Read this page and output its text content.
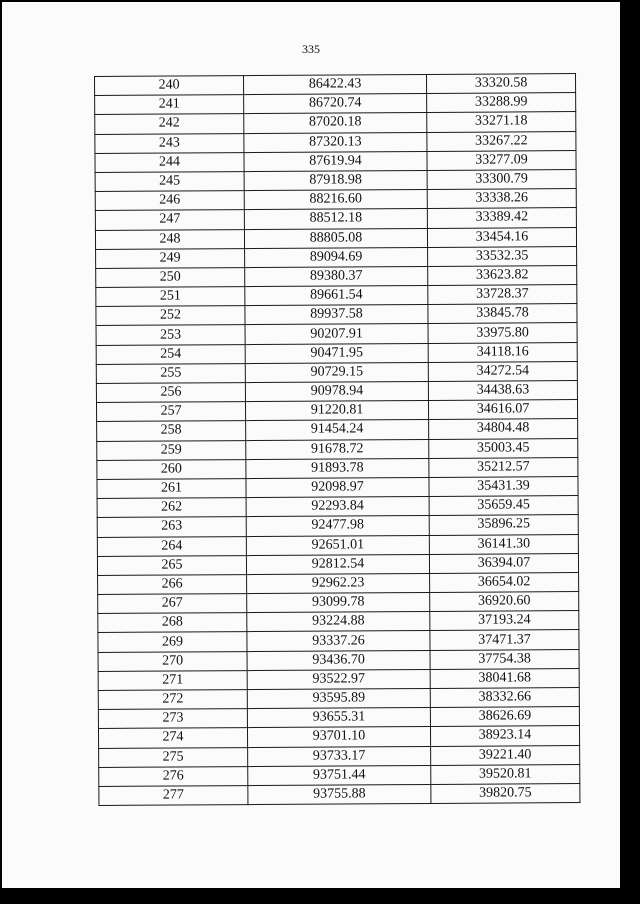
335
240	86422.43	33320.58
241	86720.74	33288.99
242	87020.18	33271.18
243	87320.13	33267.22
244	87619.94	33277.09
245	87918.98	33300.79
246	88216.60	33338.26
247	88512.18	33389.42
248	88805.08	33454.16
249	89094.69	33532.35
250	89380.37	33623.82
251	89661.54	33728.37
252	89937.58	33845.78
253	90207.91	33975.80
254	90471.95	34118.16
255	90729.15	34272.54
256	90978.94	34438.63
257	91220.81	34616.07
258	91454.24	34804.48
259	91678.72	35003.45
260	91893.78	35212.57
261	92098.97	35431.39
262	92293.84	35659.45
263	92477.98	35896.25
264	92651.01	36141.30
265	92812.54	36394.07
266	92962.23	36654.02
267	93099.78	36920.60
268	93224.88	37193.24
269	93337.26	37471.37
270	93436.70	37754.38
271	93522.97	38041.68
272	93595.89	38332.66
273	93655.31	38626.69
274	93701.10	38923.14
275	93733.17	39221.40
276	93751.44	39520.81
277	93755.88	39820.75
